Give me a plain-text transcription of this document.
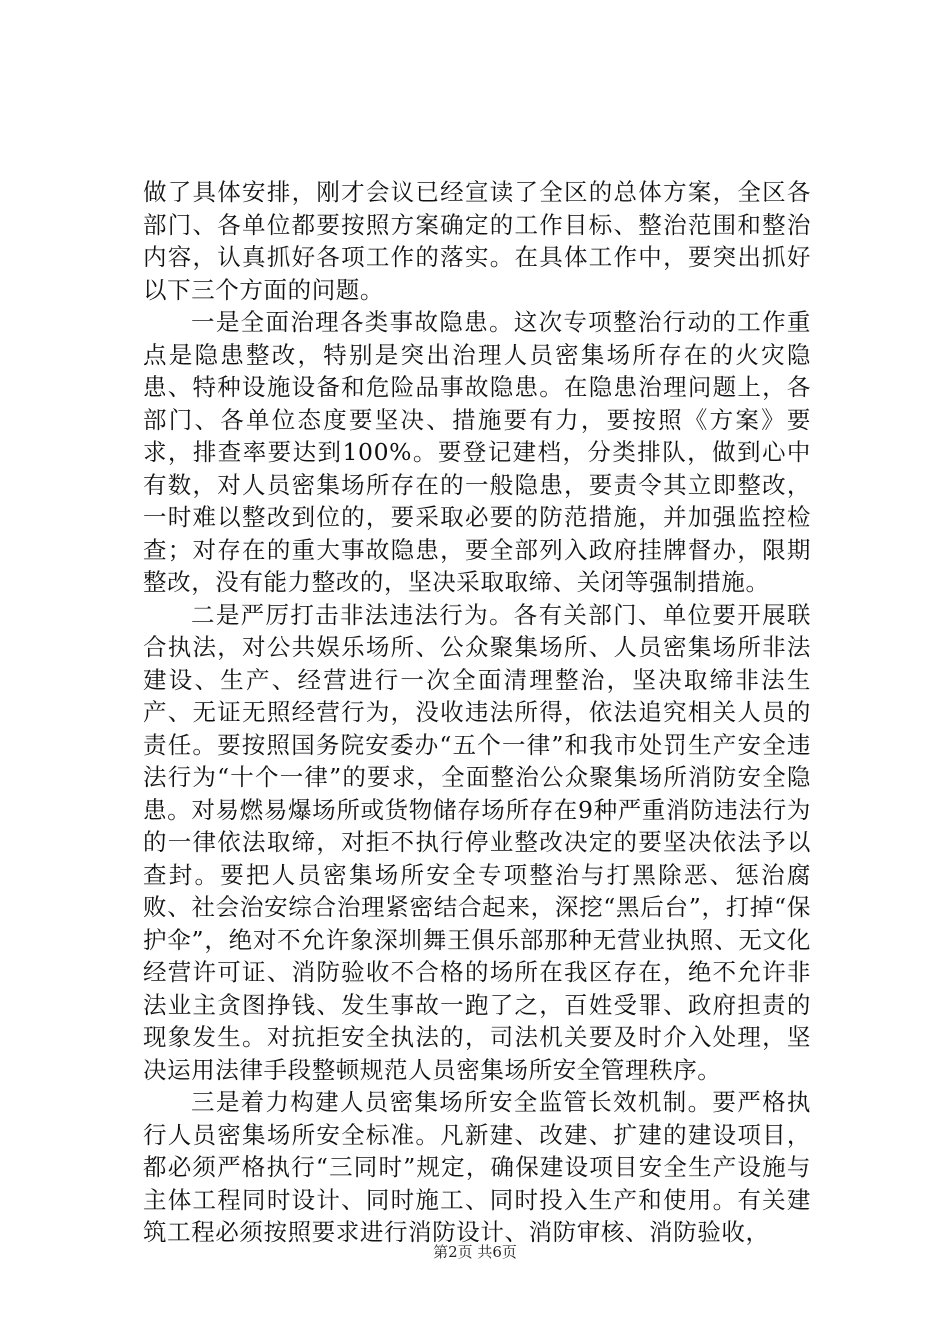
做了具体安排，刚才会议已经宣读了全区的总体方案，全区各部门、各单位都要按照方案确定的工作目标、整治范围和整治内容，认真抓好各项工作的落实。在具体工作中，要突出抓好以下三个方面的问题。

一是全面治理各类事故隐患。这次专项整治行动的工作重点是隐患整改，特别是突出治理人员密集场所存在的火灾隐患、特种设施设备和危险品事故隐患。在隐患治理问题上，各部门、各单位态度要坚决、措施要有力，要按照《方案》要求，排查率要达到100%。要登记建档，分类排队，做到心中有数，对人员密集场所存在的一般隐患，要责令其立即整改，一时难以整改到位的，要采取必要的防范措施，并加强监控检查；对存在的重大事故隐患，要全部列入政府挂牌督办，限期整改，没有能力整改的，坚决采取取缔、关闭等强制措施。

二是严厉打击非法违法行为。各有关部门、单位要开展联合执法，对公共娱乐场所、公众聚集场所、人员密集场所非法建设、生产、经营进行一次全面清理整治，坚决取缔非法生产、无证无照经营行为，没收违法所得，依法追究相关人员的责任。要按照国务院安委办“五个一律”和我市处罚生产安全违法行为“十个一律”的要求，全面整治公众聚集场所消防安全隐患。对易燃易爆场所或货物储存场所存在9种严重消防违法行为的一律依法取缔，对拒不执行停业整改决定的要坚决依法予以查封。要把人员密集场所安全专项整治与打黑除恶、惩治腐败、社会治安综合治理紧密结合起来，深挖“黑后台”，打掉“保护伞”，绝对不允许象深圳舞王俱乐部那种无营业执照、无文化经营许可证、消防验收不合格的场所在我区存在，绝不允许非法业主贪图挣钱、发生事故一跑了之，百姓受罪、政府担责的现象发生。对抗拒安全执法的，司法机关要及时介入处理，坚决运用法律手段整顿规范人员密集场所安全管理秩序。

三是着力构建人员密集场所安全监管长效机制。要严格执行人员密集场所安全标准。凡新建、改建、扩建的建设项目，都必须严格执行“三同时”规定，确保建设项目安全生产设施与主体工程同时设计、同时施工、同时投入生产和使用。有关建筑工程必须按照要求进行消防设计、消防审核、消防验收，

第2页 共6页
